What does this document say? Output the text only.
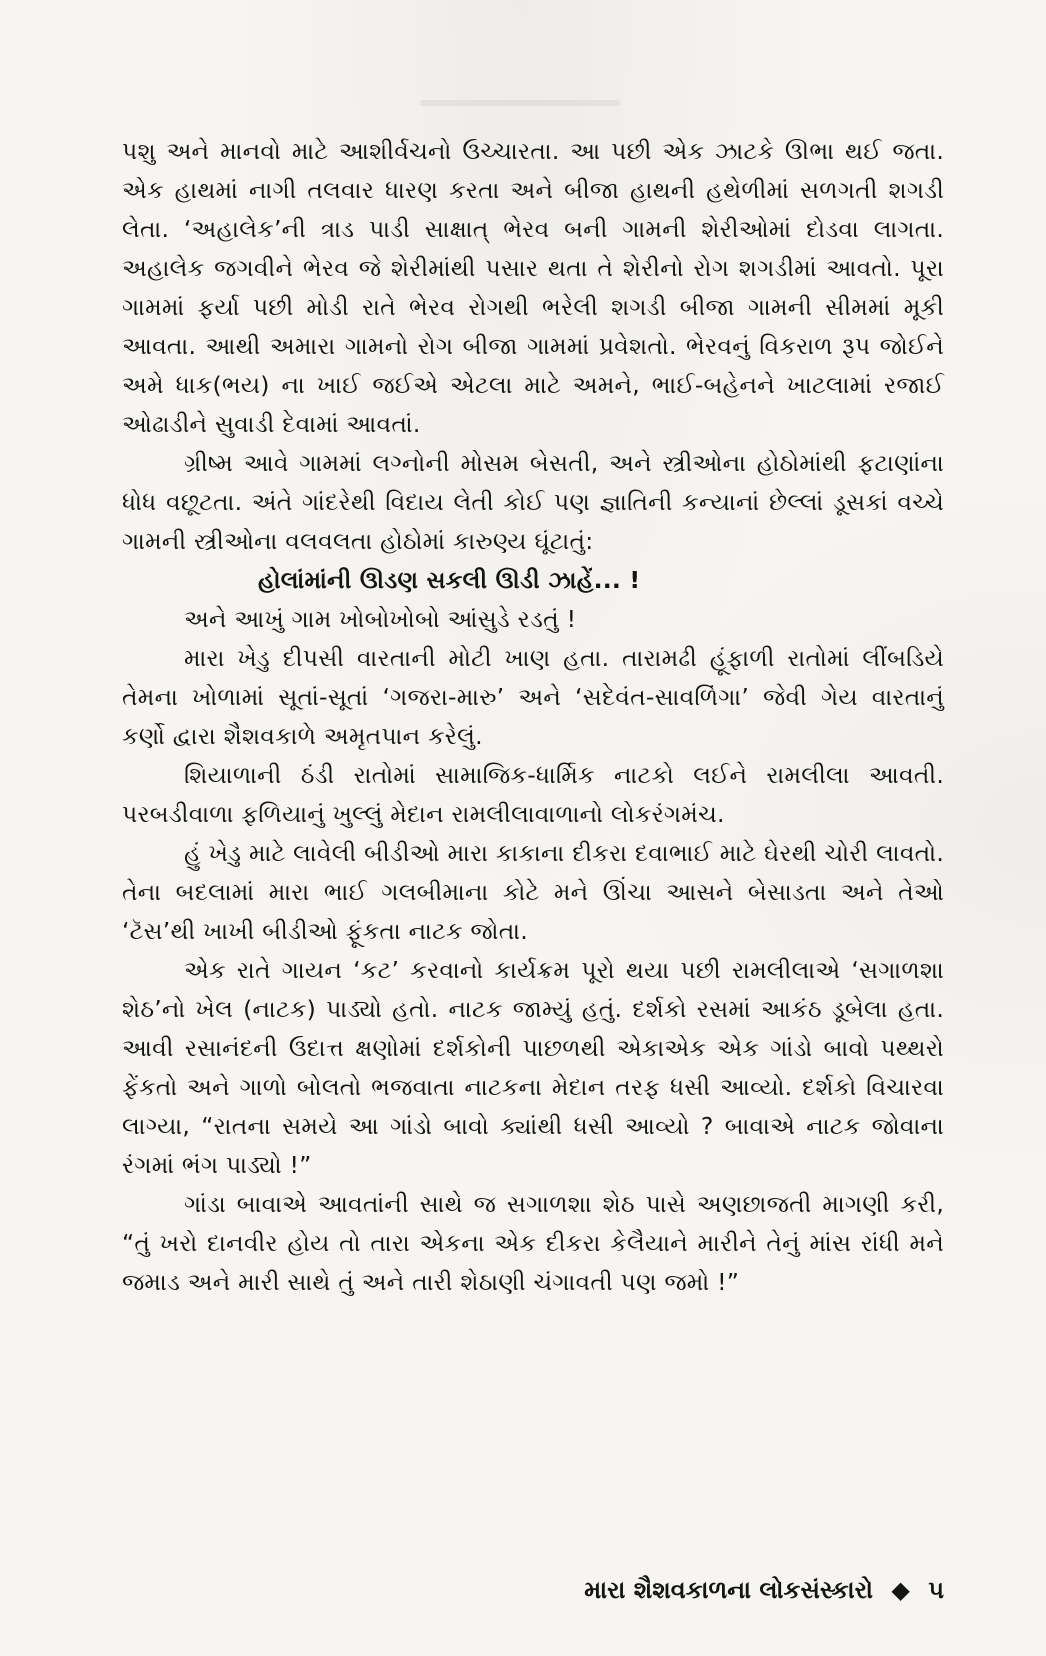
પશુ અને માનવો માટે આશીર્વચનો ઉચ્ચારતા. આ પછી એક ઝાટકે ઊભા થઈ જતા. એક હાથમાં નાગી તલવાર ધારણ કરતા અને બીજા હાથની હથેળીમાં સળગતી શગડી લેતા. ‘અહાલેક’ની ત્રાડ પાડી સાક્ષાત્ ભેરવ બની ગામની શેરીઓમાં દોડવા લાગતા. અહાલેક જગવીને ભેરવ જે શેરીમાંથી પસાર થતા તે શેરીનો રોગ શગડીમાં આવતો. પૂરા ગામમાં ફર્યા પછી મોડી રાતે ભેરવ રોગથી ભરેલી શગડી બીજા ગામની સીમમાં મૂકી આવતા. આથી અમારા ગામનો રોગ બીજા ગામમાં પ્રવેશતો. ભેરવનું વિકરાળ રૂપ જોઈને અમે ધાક(ભય) ના ખાઈ જઈએ એટલા માટે અમને, ભાઈ-બહેનને ખાટલામાં રજાઈ ઓઢાડીને સુવાડી દેવામાં આવતાં.

ગ્રીષ્મ આવે ગામમાં લગ્નોની મોસમ બેસતી, અને સ્ત્રીઓના હોઠોમાંથી ફટાણાંના ધોધ વછૂટતા. અંતે ગાંદરેથી વિદાય લેતી કોઈ પણ જ્ઞાતિની કન્યાનાં છેલ્લાં ડૂસકાં વચ્ચે ગામની સ્ત્રીઓના વલવલતા હોઠોમાં કારુણ્ય ઘૂંટાતું:

હોલાંમાંની ઊડણ સકલી ઊડી ઝાહેં... !

અને આખું ગામ ખોબોખોબો આંસુડે રડતું !

મારા ખેડુ દીપસી વારતાની મોટી ખાણ હતા. તારામઢી હૂંફાળી રાતોમાં લીંબડિયે તેમના ખોળામાં સૂતાં-સૂતાં ‘ગજરા-મારુ’ અને ‘સદેવંત-સાવળિંગા’ જેવી ગેય વારતાનું કર્ણો દ્વારા શૈશવકાળે અમૃતપાન કરેલું.

શિયાળાની ઠંડી રાતોમાં સામાજિક-ધાર્મિક નાટકો લઈને રામલીલા આવતી. પરબડીવાળા ફળિયાનું ખુલ્લું મેદાન રામલીલાવાળાનો લોકરંગમંચ.

હું ખેડુ માટે લાવેલી બીડીઓ મારા કાકાના દીકરા દવાભાઈ માટે ઘેરથી ચોરી લાવતો. તેના બદલામાં મારા ભાઈ ગલબીમાના કોટે મને ઊંચા આસને બેસાડતા અને તેઓ ‘ટૅસ’થી ખાખી બીડીઓ ફૂંકતા નાટક જોતા.

એક રાતે ગાયન ‘કટ’ કરવાનો કાર્યક્રમ પૂરો થયા પછી રામલીલાએ ‘સગાળશા શેઠ’નો ખેલ (નાટક) પાડ્યો હતો. નાટક જામ્યું હતું. દર્શકો રસમાં આકંઠ ડૂબેલા હતા. આવી રસાનંદની ઉદાત્ત ક્ષણોમાં દર્શકોની પાછળથી એકાએક એક ગાંડો બાવો પથ્થરો ફેંકતો અને ગાળો બોલતો ભજવાતા નાટકના મેદાન તરફ ધસી આવ્યો. દર્શકો વિચારવા લાગ્યા, “રાતના સમયે આ ગાંડો બાવો ક્યાંથી ધસી આવ્યો ? બાવાએ નાટક જોવાના રંગમાં ભંગ પાડ્યો !”

ગાંડા બાવાએ આવતાંની સાથે જ સગાળશા શેઠ પાસે અણછાજતી માગણી કરી, “તું ખરો દાનવીર હોય તો તારા એકના એક દીકરા કેલૈયાને મારીને તેનું માંસ રાંધી મને જમાડ અને મારી સાથે તું અને તારી શેઠાણી ચંગાવતી પણ જમો !”

મારા શૈશવકાળના લોકસંસ્કારો ◆ ૫
